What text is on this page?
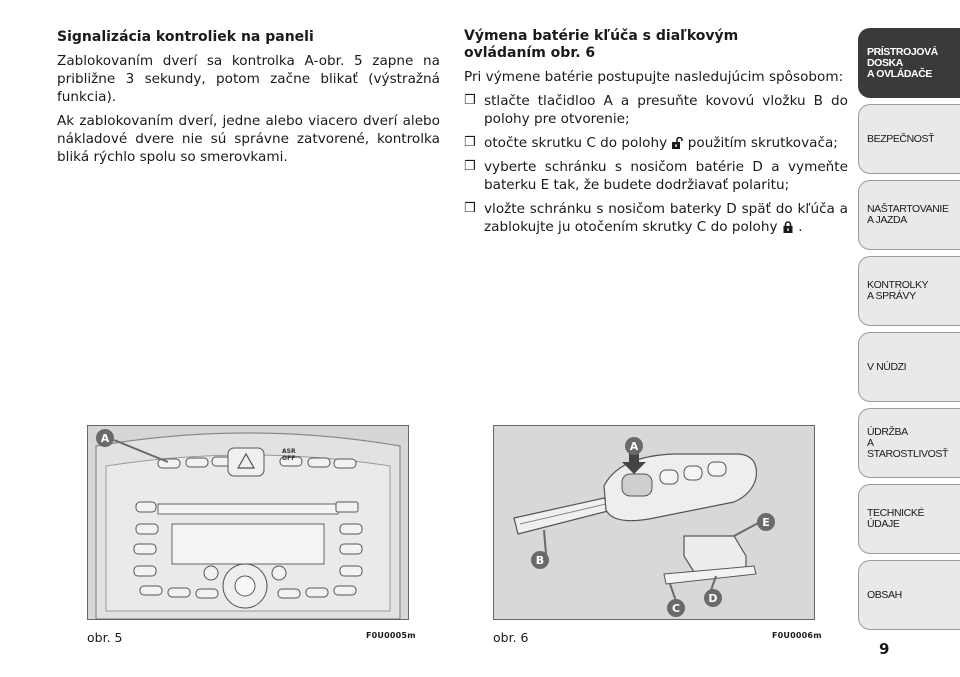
Signalizácia kontroliek na paneli

Zablokovaním dverí sa kontrolka A-obr. 5 zapne na približne 3 sekundy, potom začne blikať (výstražná funkcia).

Ak zablokovaním dverí, jedne alebo viacero dverí alebo nákladové dvere nie sú správne zatvorené, kontrolka bliká rýchlo spolu so smerovkami.

Výmena batérie kľúča s diaľkovým
ovládaním obr. 6

Pri výmene batérie postupujte nasledujúcim spôsobom:

❒ stlačte tlačidloo A a presuňte kovovú vložku B do polohy pre otvorenie;
❒ otočte skrutku C do polohy použitím skrutkovača;
❒ vyberte schránku s nosičom batérie D a vymeňte baterku E tak, že budete dodržiavať polaritu;
❒ vložte schránku s nosičom baterky D späť do kľúča a zablokujte ju otočením skrutky C do polohy .
A
ASR
OFF
obr. 5	F0U0005m
A
B
E
D
C
obr. 6	F0U0006m
PRÍSTROJOVÁ
DOSKA
A OVLÁDAČE
BEZPEČNOSŤ
NAŠTARTOVANIE
A JAZDA
KONTROLKY
A SPRÁVY
V NÚDZI
ÚDRŽBA
A STAROSTLIVOSŤ
TECHNICKÉ ÚDAJE
OBSAH
9
